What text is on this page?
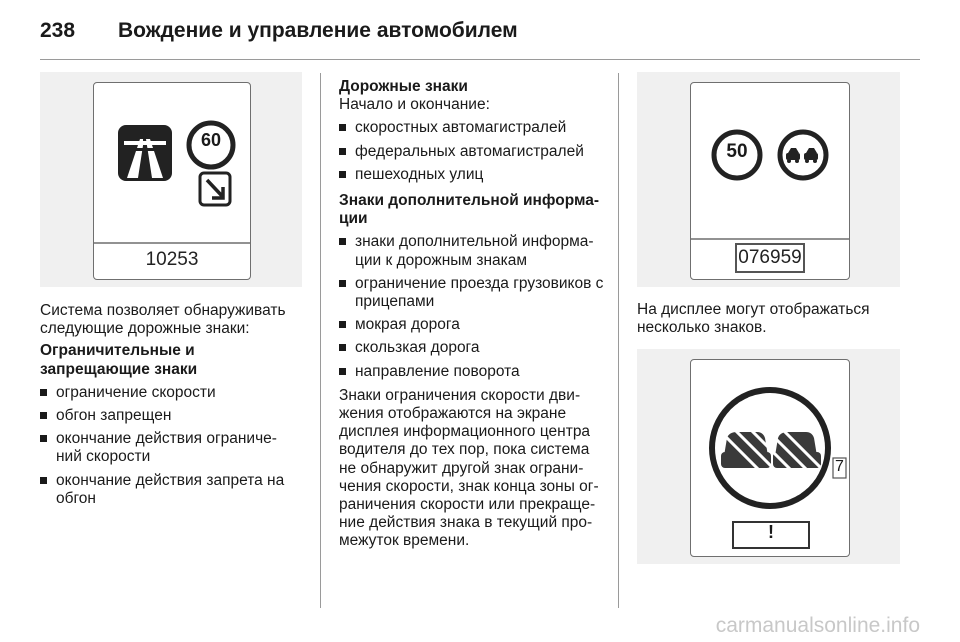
238	Вождение и управление автомобилем
60
10253

Система позволяет обнаруживать следующие дорожные знаки:

Ограничительные и запрещающие знаки

ограничение скорости
обгон запрещен
окончание действия ограниче-ний скорости
окончание действия запрета на обгон

Дорожные знаки

Начало и окончание:

скоростных автомагистралей
федеральных автомагистралей
пешеходных улиц

Знаки дополнительной информа-ции

знаки дополнительной информа-ции к дорожным знакам
ограничение проезда грузовиков с прицепами
мокрая дорога
скользкая дорога
направление поворота

Знаки ограничения скорости дви-жения отображаются на экране дисплея информационного центра водителя до тех пор, пока система не обнаружит другой знак ограни-чения скорости, знак конца зоны ог-раничения скорости или прекраще-ние действия знака в текущий про-межуток времени.

50
076959

На дисплее могут отображаться несколько знаков.

7
!
carmanualsonline.info
